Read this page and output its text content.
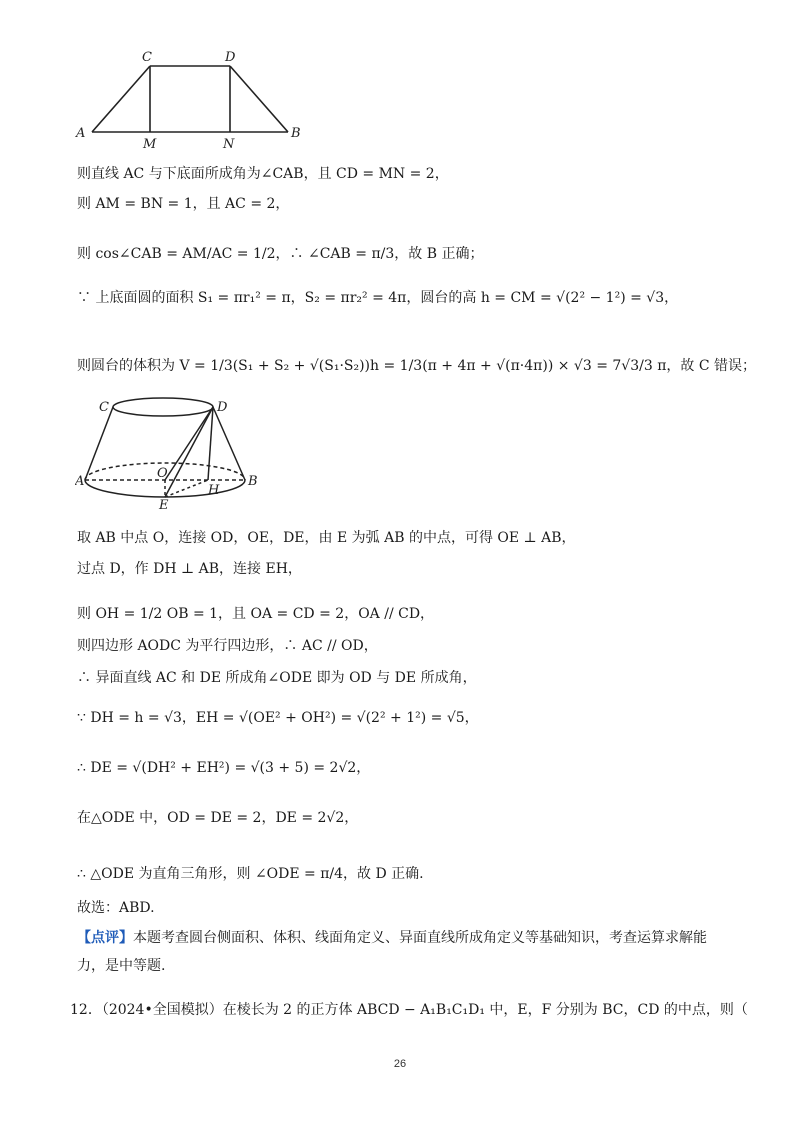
A
C	D
B
M	N
则直线 AC 与下底面所成角为∠CAB，且 CD = MN = 2，
则 AM = BN = 1，且 AC = 2，
则 cos∠CAB = AM/AC = 1/2，∴ ∠CAB = π/3，故 B 正确；
∵ 上底面圆的面积 S₁ = πr₁² = π，S₂ = πr₂² = 4π，圆台的高 h = CM = √(2² − 1²) = √3，
则圆台的体积为 V = 1/3(S₁ + S₂ + √(S₁·S₂))h = 1/3(π + 4π + √(π·4π)) × √3 = 7√3/3 π，故 C 错误；
C	D
A	B
O
H
E
取 AB 中点 O，连接 OD，OE，DE，由 E 为弧 AB 的中点，可得 OE ⊥ AB，
过点 D，作 DH ⊥ AB，连接 EH，
则 OH = 1/2 OB = 1，且 OA = CD = 2，OA // CD，
则四边形 AODC 为平行四边形，∴ AC // OD，
∴ 异面直线 AC 和 DE 所成角∠ODE 即为 OD 与 DE 所成角，
∵ DH = h = √3，EH = √(OE² + OH²) = √(2² + 1²) = √5，
∴ DE = √(DH² + EH²) = √(3 + 5) = 2√2，
在△ODE 中，OD = DE = 2，DE = 2√2，
∴ △ODE 为直角三角形，则 ∠ODE = π/4，故 D 正确.
故选：ABD.
【点评】本题考查圆台侧面积、体积、线面角定义、异面直线所成角定义等基础知识，考查运算求解能
力，是中等题.
12．（2024•全国模拟）在棱长为 2 的正方体 ABCD − A₁B₁C₁D₁ 中，E，F 分别为 BC，CD 的中点，则（
26
